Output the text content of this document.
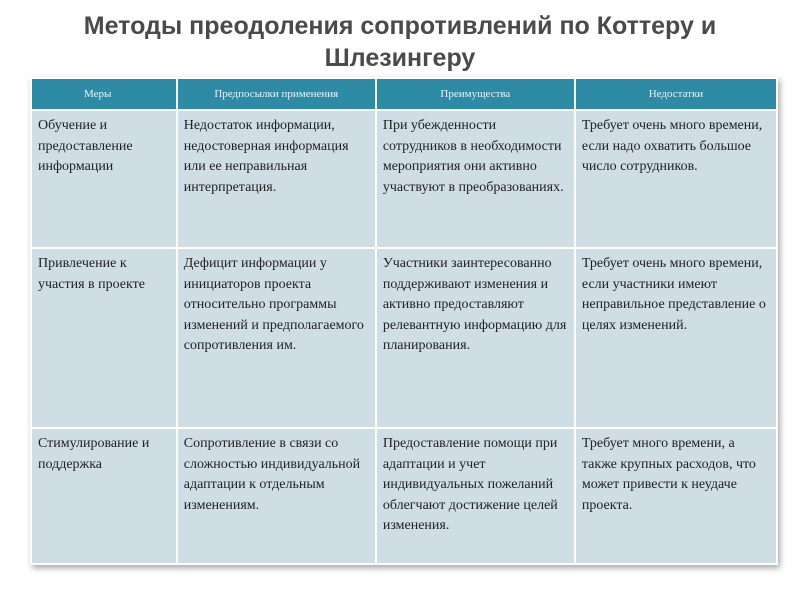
Методы преодоления сопротивлений по Коттеру и Шлезингеру
Меры	Предпосылки применения	Преимущества	Недостатки
Обучение и предоставление информации	Недостаток информации, недостоверная информация или ее неправильная интерпретация.	При убежденности сотрудников в необходимости мероприятия они активно участвуют в преобразованиях.	Требует очень много времени, если надо охватить большое число сотрудников.
Привлечение к участия в проекте	Дефицит информации у инициаторов проекта относительно программы изменений и предполагаемого сопротивления им.	Участники заинтересованно поддерживают изменения и активно предоставляют релевантную информацию для планирования.	Требует очень много времени, если участники имеют неправильное представление о целях изменений.
Стимулирование и поддержка	Сопротивление в связи со сложностью индивидуальной адаптации к отдельным изменениям.	Предоставление помощи при адаптации и учет индивидуальных пожеланий облегчают достижение целей изменения.	Требует много времени, а также крупных расходов, что может привести к неудаче проекта.
